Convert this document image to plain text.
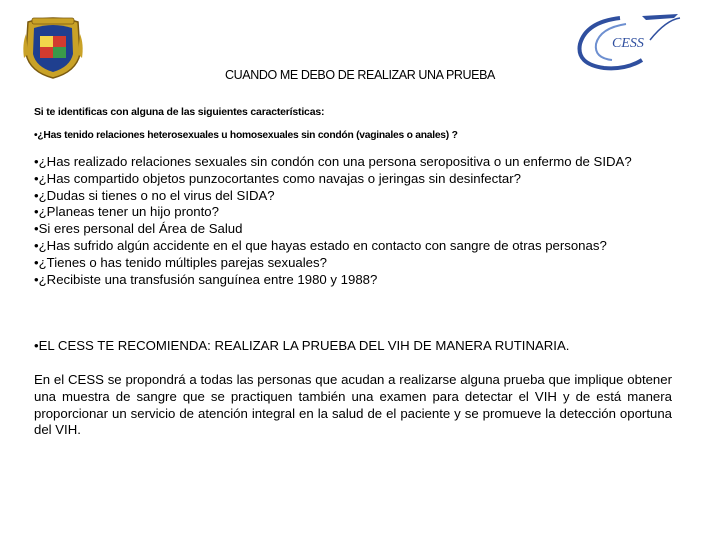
CESS
CUANDO ME DEBO DE REALIZAR UNA PRUEBA
Si te identificas con alguna de las siguientes características:
•¿Has tenido relaciones heterosexuales u homosexuales sin condón (vaginales o anales) ?
•¿Has realizado relaciones sexuales sin condón con una persona seropositiva o un enfermo de SIDA?
•¿Has compartido objetos punzocortantes como navajas o jeringas sin desinfectar?
•¿Dudas si tienes o no el virus del SIDA?
•¿Planeas tener un hijo pronto?
•Si eres personal del Área de Salud
•¿Has sufrido algún accidente en el que hayas estado en contacto con sangre de otras personas?
•¿Tienes o has tenido múltiples parejas sexuales?
•¿Recibiste una transfusión sanguínea entre 1980 y 1988?
•EL CESS TE RECOMIENDA: REALIZAR LA PRUEBA DEL VIH DE MANERA RUTINARIA.
En el CESS se propondrá a todas las personas que acudan a realizarse alguna prueba que implique obtener una muestra de sangre que se practiquen también una examen para detectar el VIH y de está manera proporcionar un servicio de atención integral en la salud de el paciente y se promueve la detección oportuna del VIH.
